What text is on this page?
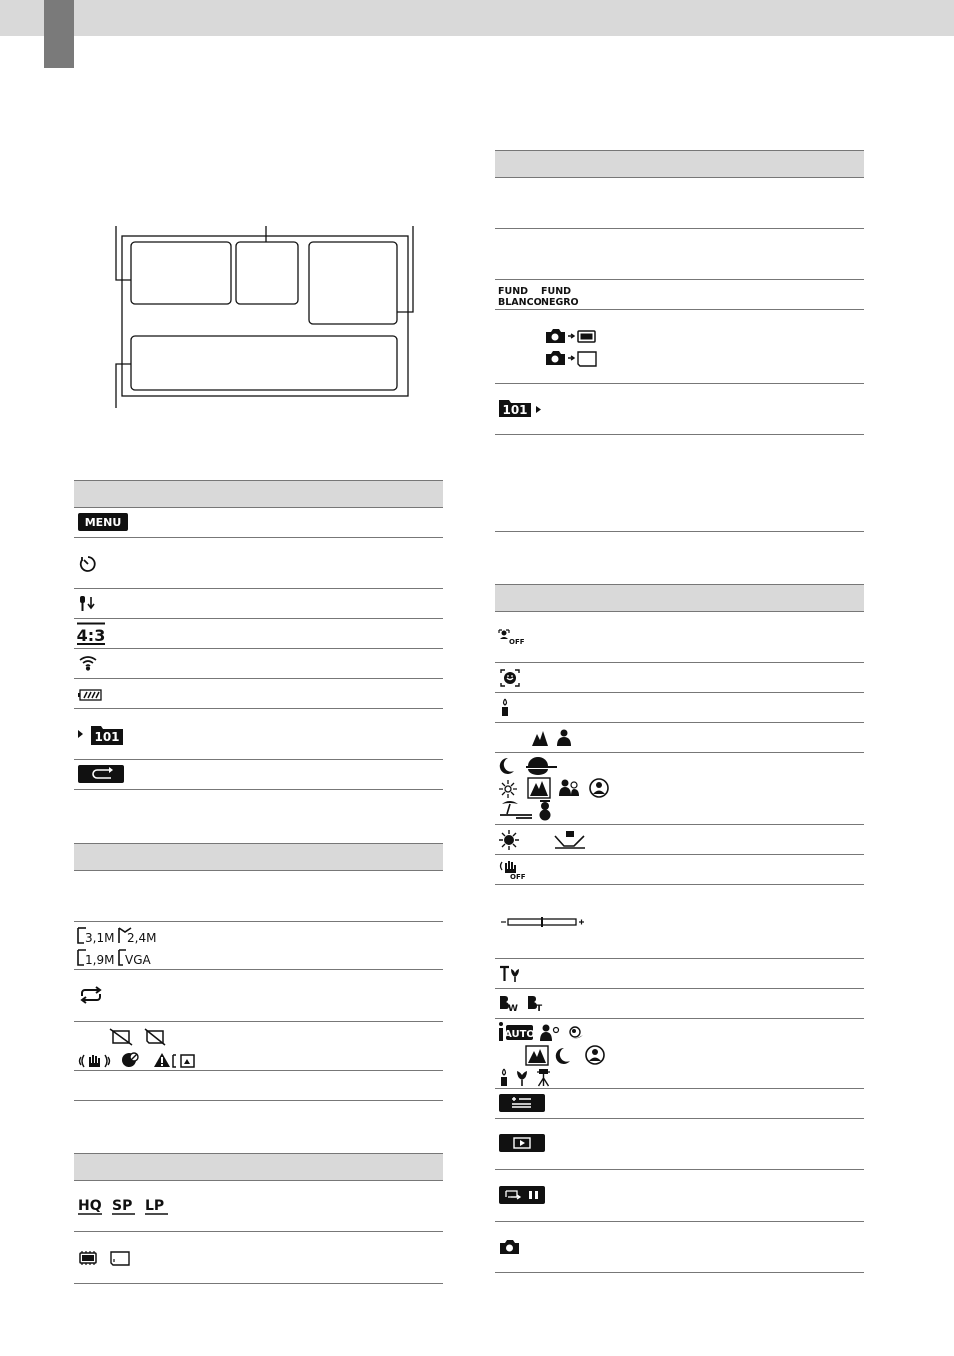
MENU
4:3
101
3,1M 2,4M
1,9M VGA
HQ SP LP
FUND BLANCO
FUND NEGRO
101
OFF
OFF
W T
AUTO
